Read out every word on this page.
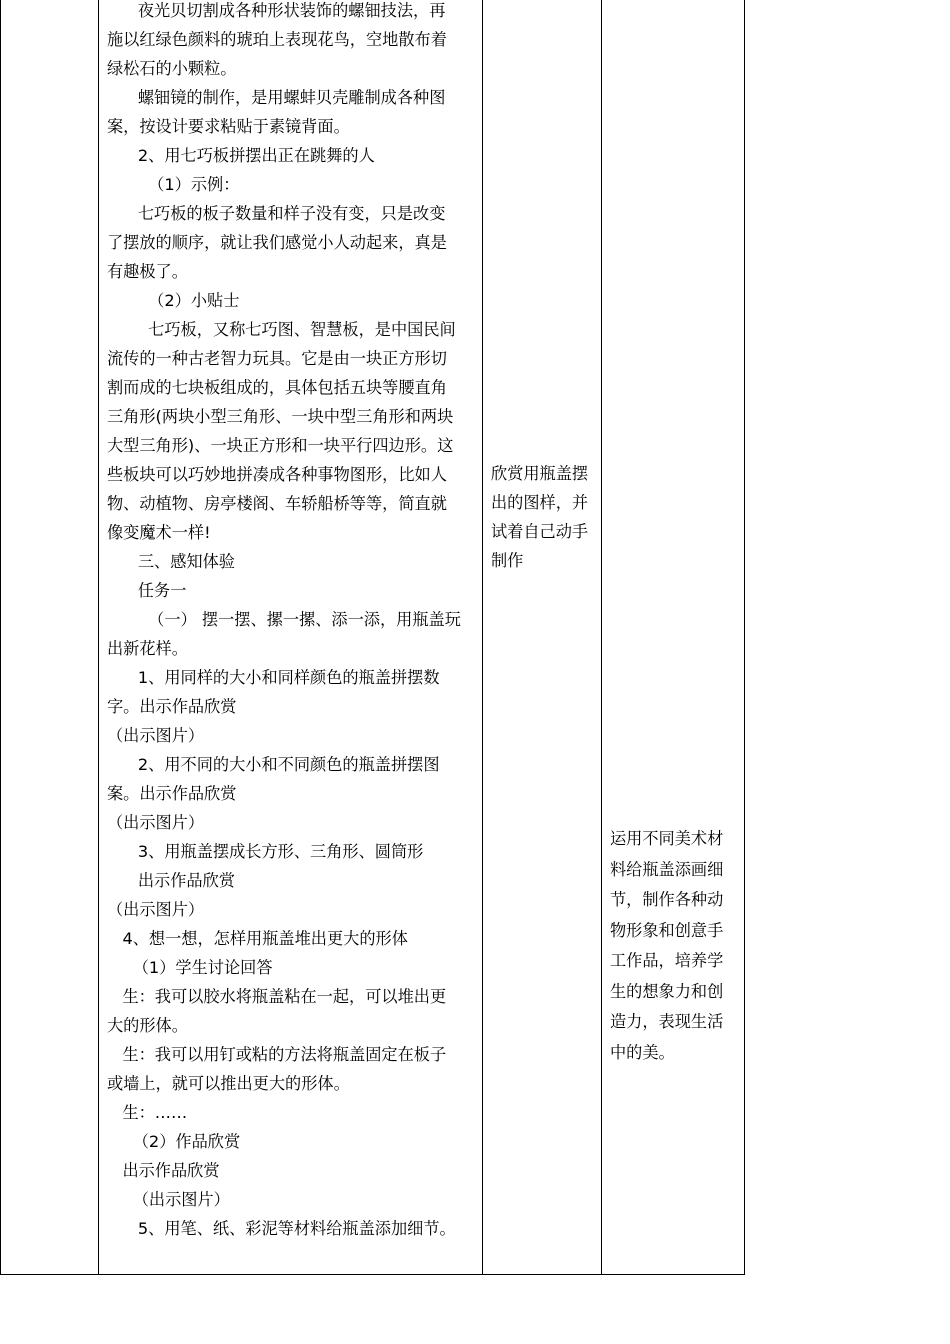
夜光贝切割成各种形状装饰的螺钿技法，再

施以红绿色颜料的琥珀上表现花鸟，空地散布着

绿松石的小颗粒。

螺钿镜的制作，是用螺蚌贝壳雕制成各种图

案，按设计要求粘贴于素镜背面。

2、用七巧板拼摆出正在跳舞的人

（1）示例：

七巧板的板子数量和样子没有变，只是改变

了摆放的顺序，就让我们感觉小人动起来，真是

有趣极了。

（2）小贴士

七巧板，又称七巧图、智慧板，是中国民间

流传的一种古老智力玩具。它是由一块正方形切

割而成的七块板组成的，具体包括五块等腰直角

三角形(两块小型三角形、一块中型三角形和两块

大型三角形)、一块正方形和一块平行四边形。这

些板块可以巧妙地拼凑成各种事物图形，比如人

物、动植物、房亭楼阁、车轿船桥等等，简直就

像变魔术一样!

三、感知体验

任务一

（一） 摆一摆、摞一摞、添一添，用瓶盖玩

出新花样。

1、用同样的大小和同样颜色的瓶盖拼摆数

字。出示作品欣赏

（出示图片）

2、用不同的大小和不同颜色的瓶盖拼摆图

案。出示作品欣赏

（出示图片）

3、用瓶盖摆成长方形、三角形、圆筒形

出示作品欣赏

（出示图片）

4、想一想，怎样用瓶盖堆出更大的形体

（1）学生讨论回答

生：我可以胶水将瓶盖粘在一起，可以堆出更

大的形体。

生：我可以用钉或粘的方法将瓶盖固定在板子

或墙上，就可以推出更大的形体。

生：……

（2）作品欣赏

出示作品欣赏

（出示图片）

5、用笔、纸、彩泥等材料给瓶盖添加细节。

欣赏用瓶盖摆

出的图样，并

试着自己动手

制作

运用不同美术材

料给瓶盖添画细

节，制作各种动

物形象和创意手

工作品，培养学

生的想象力和创

造力，表现生活

中的美。
